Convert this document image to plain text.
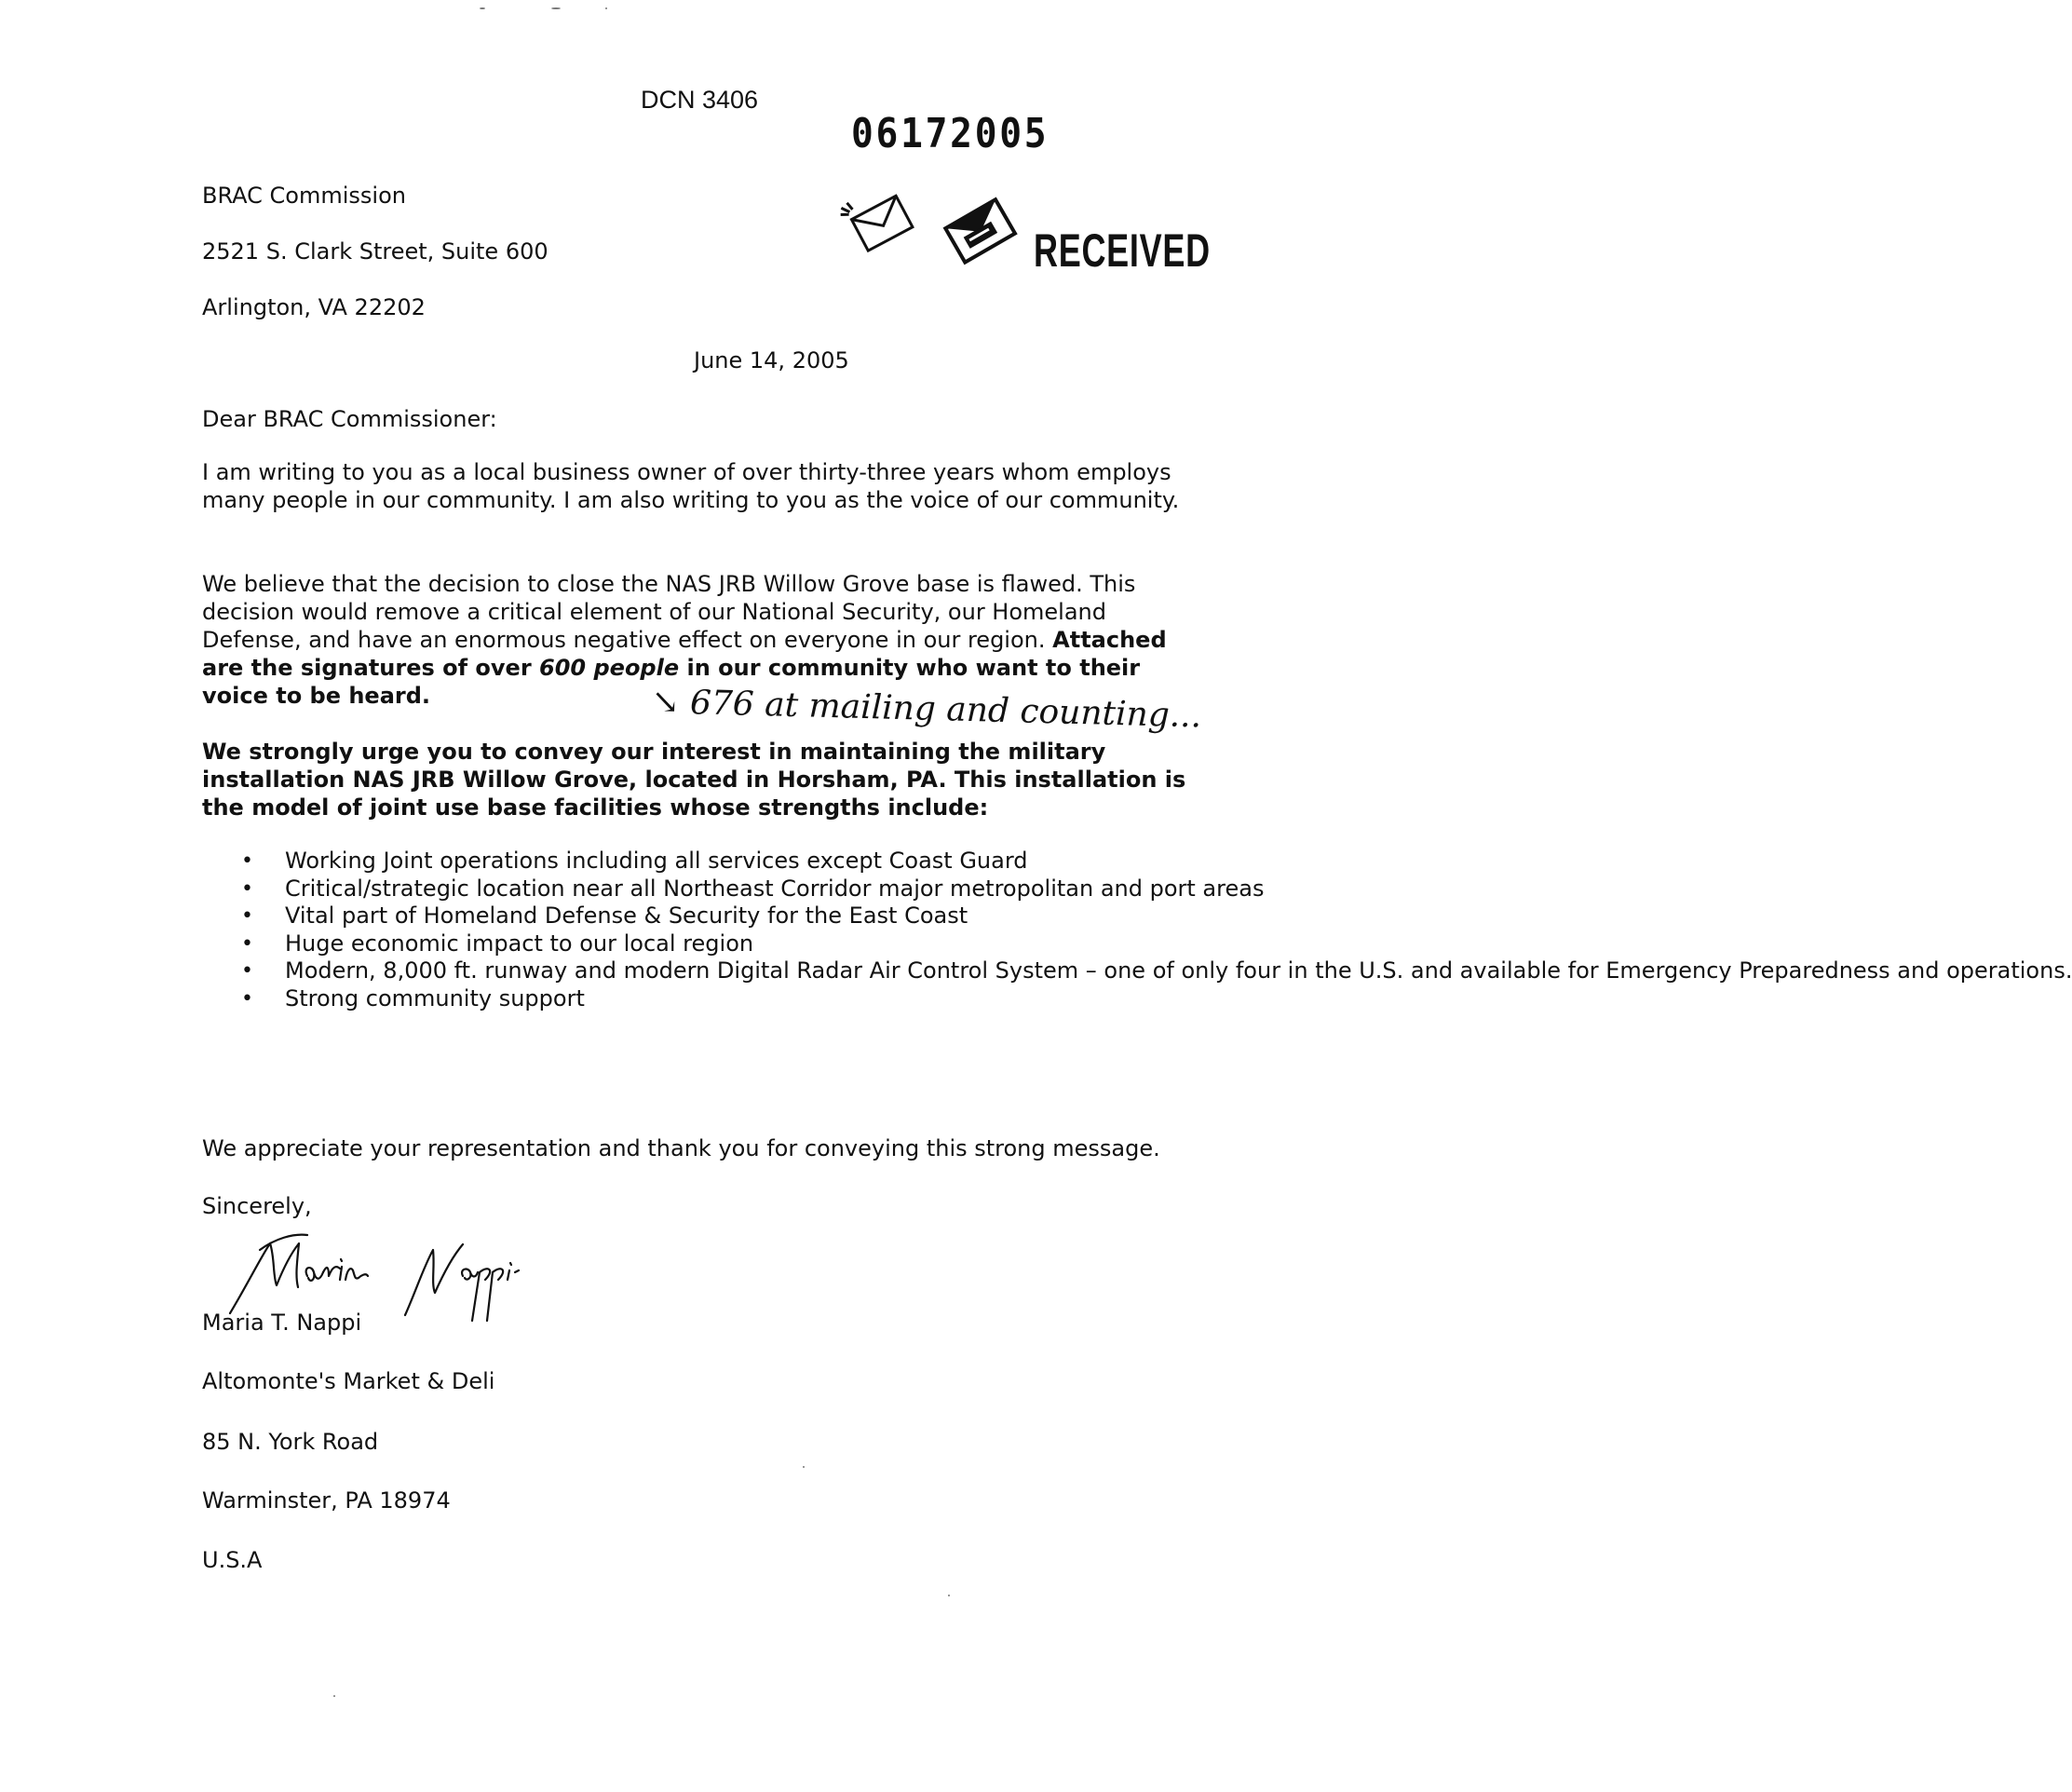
DCN 3406
06172005
RECEIVED
BRAC Commission
2521 S. Clark Street, Suite 600
Arlington, VA 22202
June 14, 2005
Dear BRAC Commissioner:
I am writing to you as a local business owner of over thirty-three years whom employs many people in our community. I am also writing to you as the voice of our community.
We believe that the decision to close the NAS JRB Willow Grove base is flawed. This decision would remove a critical element of our National Security, our Homeland Defense, and have an enormous negative effect on everyone in our region. Attached are the signatures of over 600 people in our community who want to their voice to be heard.	↘ 676 at mailing and counting...
We strongly urge you to convey our interest in maintaining the military installation NAS JRB Willow Grove, located in Horsham, PA. This installation is the model of joint use base facilities whose strengths include:
• Working Joint operations including all services except Coast Guard
• Critical/strategic location near all Northeast Corridor major metropolitan and port areas
• Vital part of Homeland Defense & Security for the East Coast
• Huge economic impact to our local region
• Modern, 8,000 ft. runway and modern Digital Radar Air Control System – one of only four in the U.S. and available for Emergency Preparedness and operations.
• Strong community support
We appreciate your representation and thank you for conveying this strong message.
Sincerely,
Maria T. Nappi
Altomonte's Market & Deli
85 N. York Road
Warminster, PA 18974
U.S.A
